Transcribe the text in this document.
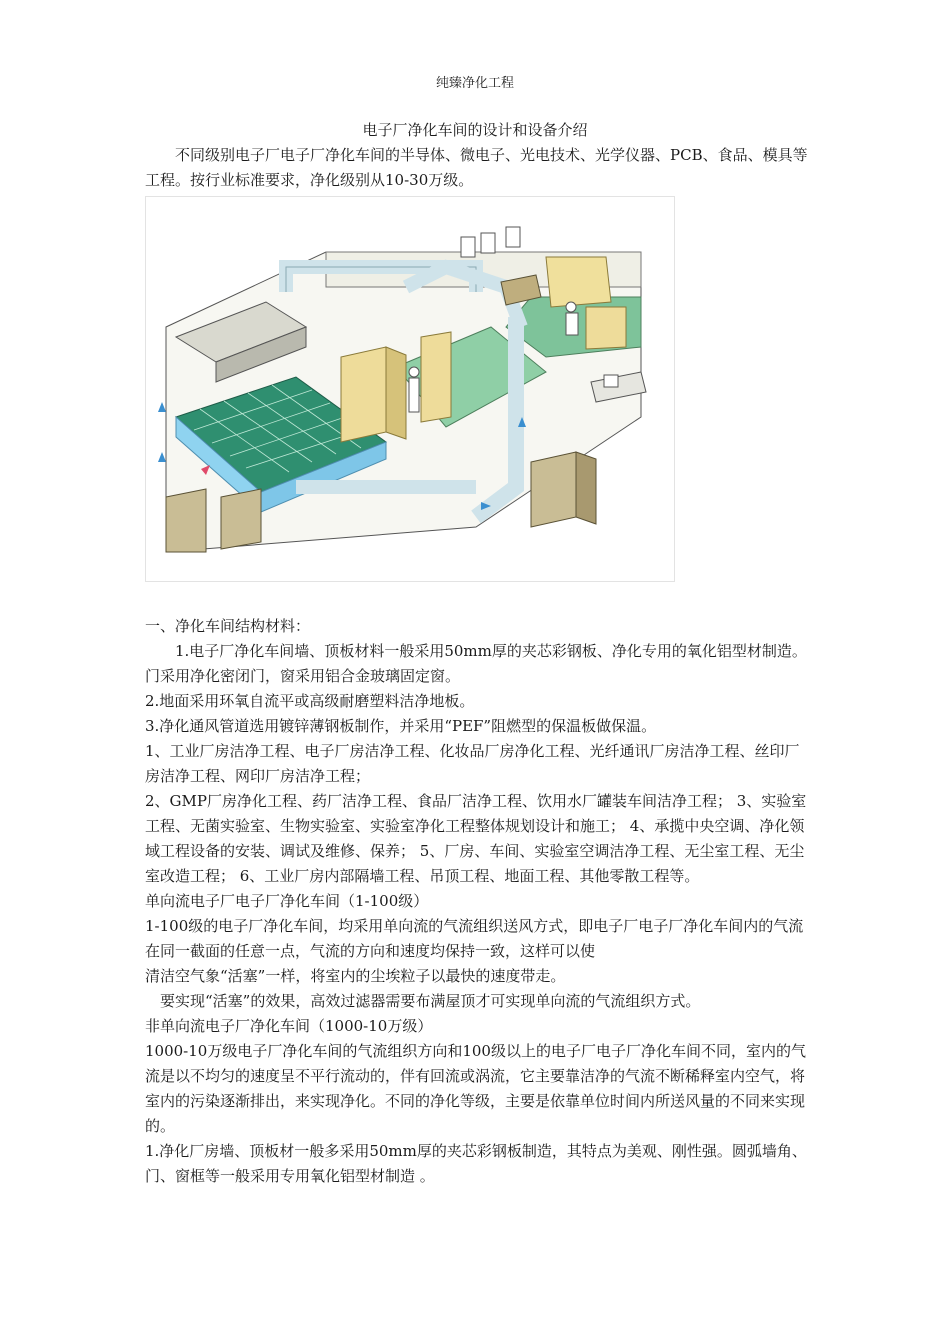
纯臻净化工程
电子厂净化车间的设计和设备介绍
不同级别电子厂电子厂净化车间的半导体、微电子、光电技术、光学仪器、PCB、食品、模具等工程。按行业标准要求，净化级别从10-30万级。

一、净化车间结构材料：

1.电子厂净化车间墙、顶板材料一般采用50mm厚的夹芯彩钢板、净化专用的氧化铝型材制造。门采用净化密闭门，窗采用铝合金玻璃固定窗。

2.地面采用环氧自流平或高级耐磨塑料洁净地板。

3.净化通风管道选用镀锌薄钢板制作，并采用“PEF”阻燃型的保温板做保温。

1、工业厂房洁净工程、电子厂房洁净工程、化妆品厂房净化工程、光纤通讯厂房洁净工程、丝印厂房洁净工程、网印厂房洁净工程；

2、GMP厂房净化工程、药厂洁净工程、食品厂洁净工程、饮用水厂罐装车间洁净工程； 3、实验室工程、无菌实验室、生物实验室、实验室净化工程整体规划设计和施工； 4、承揽中央空调、净化领域工程设备的安装、调试及维修、保养； 5、厂房、车间、实验室空调洁净工程、无尘室工程、无尘室改造工程； 6、工业厂房内部隔墙工程、吊顶工程、地面工程、其他零散工程等。

单向流电子厂电子厂净化车间（1-100级）

1-100级的电子厂净化车间，均采用单向流的气流组织送风方式，即电子厂电子厂净化车间内的气流在同一截面的任意一点，气流的方向和速度均保持一致，这样可以使

清洁空气象“活塞”一样，将室内的尘埃粒子以最快的速度带走。

要实现“活塞”的效果，高效过滤器需要布满屋顶才可实现单向流的气流组织方式。

非单向流电子厂净化车间（1000-10万级）

1000-10万级电子厂净化车间的气流组织方向和100级以上的电子厂电子厂净化车间不同，室内的气流是以不均匀的速度呈不平行流动的，伴有回流或涡流，它主要靠洁净的气流不断稀释室内空气，将室内的污染逐渐排出，来实现净化。不同的净化等级，主要是依靠单位时间内所送风量的不同来实现的。

1.净化厂房墙、顶板材一般多采用50mm厚的夹芯彩钢板制造，其特点为美观、刚性强。圆弧墙角、门、窗框等一般采用专用氧化铝型材制造 。
